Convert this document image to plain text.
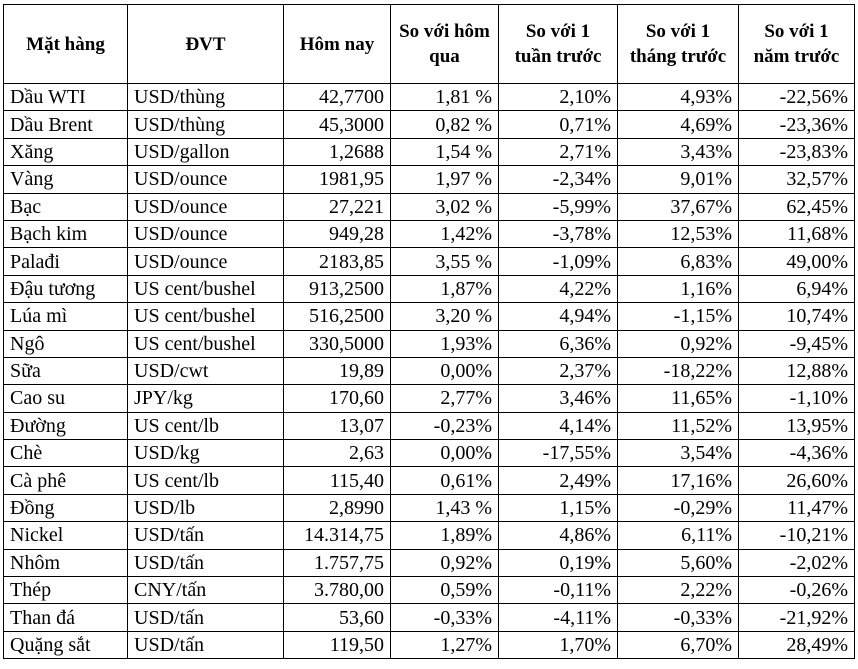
Mặt hàng	ĐVT	Hôm nay	So với hôm qua	So với 1 tuần trước	So với 1 tháng trước	So với 1 năm trước
Dầu WTI	USD/thùng	42,7700	1,81 %	2,10%	4,93%	-22,56%
Dầu Brent	USD/thùng	45,3000	0,82 %	0,71%	4,69%	-23,36%
Xăng	USD/gallon	1,2688	1,54 %	2,71%	3,43%	-23,83%
Vàng	USD/ounce	1981,95	1,97 %	-2,34%	9,01%	32,57%
Bạc	USD/ounce	27,221	3,02 %	-5,99%	37,67%	62,45%
Bạch kim	USD/ounce	949,28	1,42%	-3,78%	12,53%	11,68%
Palađi	USD/ounce	2183,85	3,55 %	-1,09%	6,83%	49,00%
Đậu tương	US cent/bushel	913,2500	1,87%	4,22%	1,16%	6,94%
Lúa mì	US cent/bushel	516,2500	3,20 %	4,94%	-1,15%	10,74%
Ngô	US cent/bushel	330,5000	1,93%	6,36%	0,92%	-9,45%
Sữa	USD/cwt	19,89	0,00%	2,37%	-18,22%	12,88%
Cao su	JPY/kg	170,60	2,77%	3,46%	11,65%	-1,10%
Đường	US cent/lb	13,07	-0,23%	4,14%	11,52%	13,95%
Chè	USD/kg	2,63	0,00%	-17,55%	3,54%	-4,36%
Cà phê	US cent/lb	115,40	0,61%	2,49%	17,16%	26,60%
Đồng	USD/lb	2,8990	1,43 %	1,15%	-0,29%	11,47%
Nickel	USD/tấn	14.314,75	1,89%	4,86%	6,11%	-10,21%
Nhôm	USD/tấn	1.757,75	0,92%	0,19%	5,60%	-2,02%
Thép	CNY/tấn	3.780,00	0,59%	-0,11%	2,22%	-0,26%
Than đá	USD/tấn	53,60	-0,33%	-4,11%	-0,33%	-21,92%
Quặng sắt	USD/tấn	119,50	1,27%	1,70%	6,70%	28,49%
